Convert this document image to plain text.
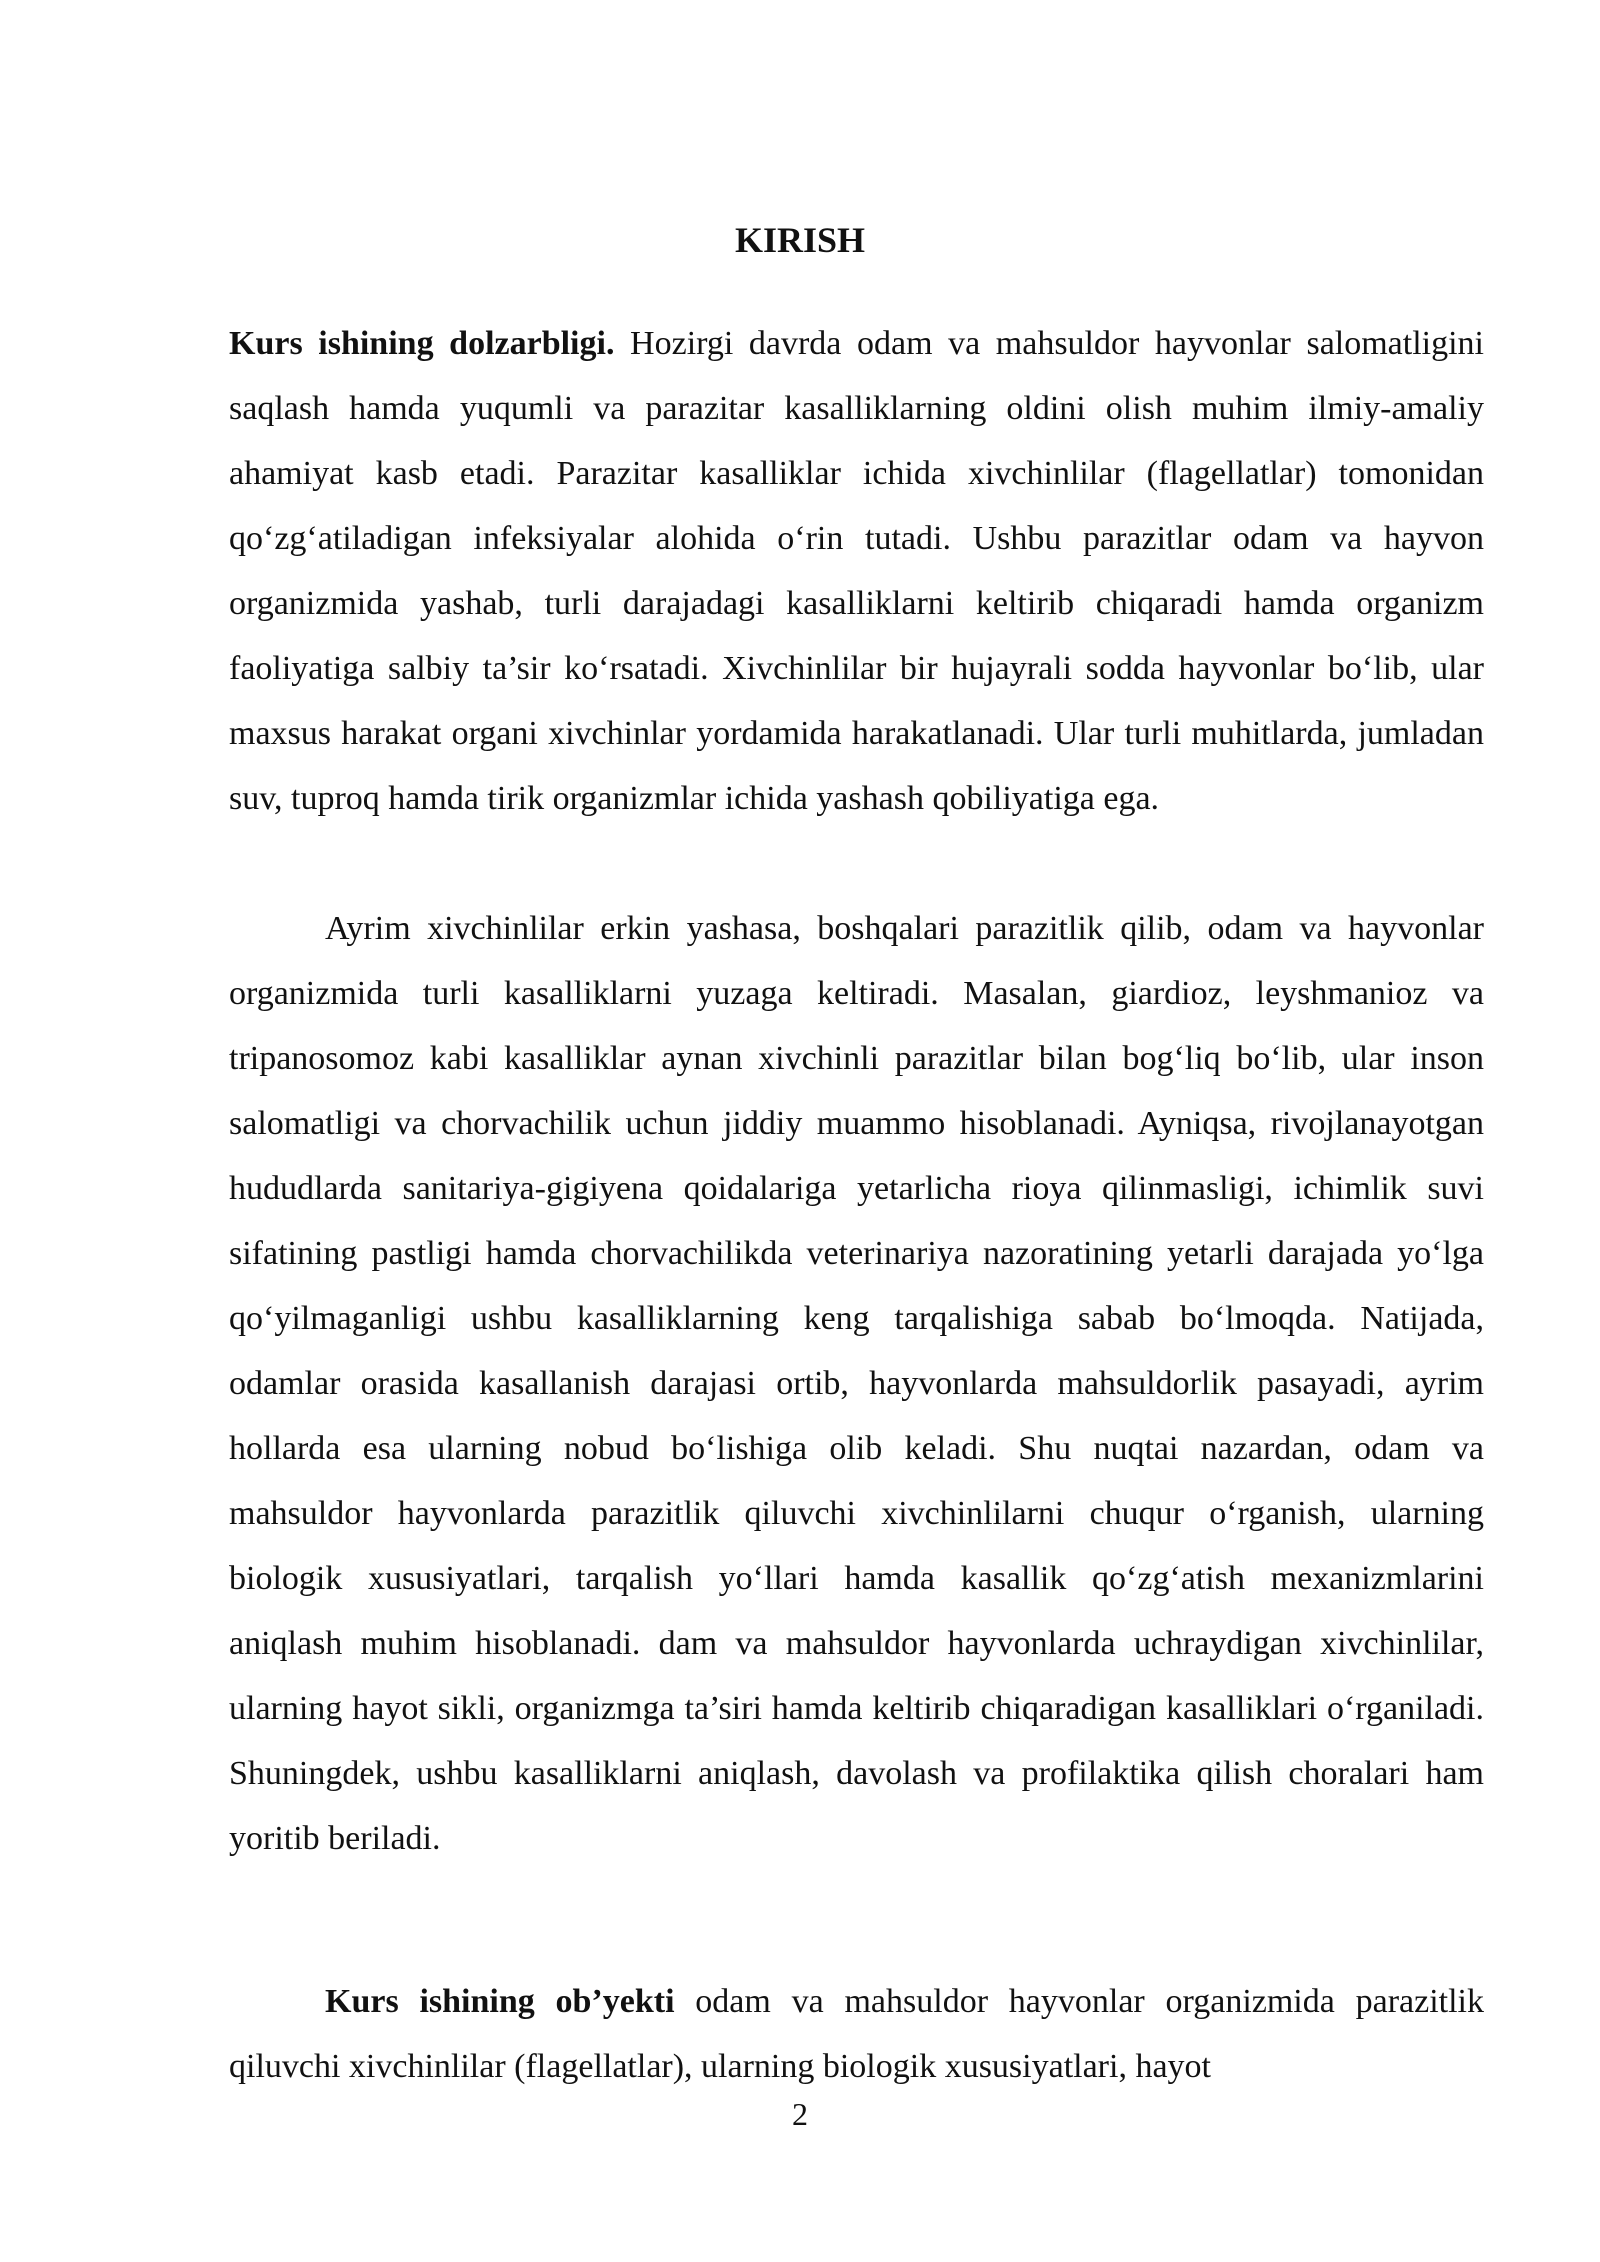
KIRISH

Kurs ishining dolzarbligi. Hozirgi davrda odam va mahsuldor hayvonlar salomatligini saqlash hamda yuqumli va parazitar kasalliklarning oldini olish muhim ilmiy-amaliy ahamiyat kasb etadi. Parazitar kasalliklar ichida xivchinlilar (flagellatlar) tomonidan qo‘zg‘atiladigan infeksiyalar alohida o‘rin tutadi. Ushbu parazitlar odam va hayvon organizmida yashab, turli darajadagi kasalliklarni keltirib chiqaradi hamda organizm faoliyatiga salbiy ta’sir ko‘rsatadi. Xivchinlilar bir hujayrali sodda hayvonlar bo‘lib, ular maxsus harakat organi xivchinlar yordamida harakatlanadi. Ular turli muhitlarda, jumladan suv, tuproq hamda tirik organizmlar ichida yashash qobiliyatiga ega.

Ayrim xivchinlilar erkin yashasa, boshqalari parazitlik qilib, odam va hayvonlar organizmida turli kasalliklarni yuzaga keltiradi. Masalan, giardioz, leyshmanioz va tripanosomoz kabi kasalliklar aynan xivchinli parazitlar bilan bog‘liq bo‘lib, ular inson salomatligi va chorvachilik uchun jiddiy muammo hisoblanadi. Ayniqsa, rivojlanayotgan hududlarda sanitariya-gigiyena qoidalariga yetarlicha rioya qilinmasligi, ichimlik suvi sifatining pastligi hamda chorvachilikda veterinariya nazoratining yetarli darajada yo‘lga qo‘yilmaganligi ushbu kasalliklarning keng tarqalishiga sabab bo‘lmoqda. Natijada, odamlar orasida kasallanish darajasi ortib, hayvonlarda mahsuldorlik pasayadi, ayrim hollarda esa ularning nobud bo‘lishiga olib keladi. Shu nuqtai nazardan, odam va mahsuldor hayvonlarda parazitlik qiluvchi xivchinlilarni chuqur o‘rganish, ularning biologik xususiyatlari, tarqalish yo‘llari hamda kasallik qo‘zg‘atish mexanizmlarini aniqlash muhim hisoblanadi. dam va mahsuldor hayvonlarda uchraydigan xivchinlilar, ularning hayot sikli, organizmga ta’siri hamda keltirib chiqaradigan kasalliklari o‘rganiladi. Shuningdek, ushbu kasalliklarni aniqlash, davolash va profilaktika qilish choralari ham yoritib beriladi.

Kurs ishining ob’yekti odam va mahsuldor hayvonlar organizmida parazitlik qiluvchi xivchinlilar (flagellatlar), ularning biologik xususiyatlari, hayot

2
